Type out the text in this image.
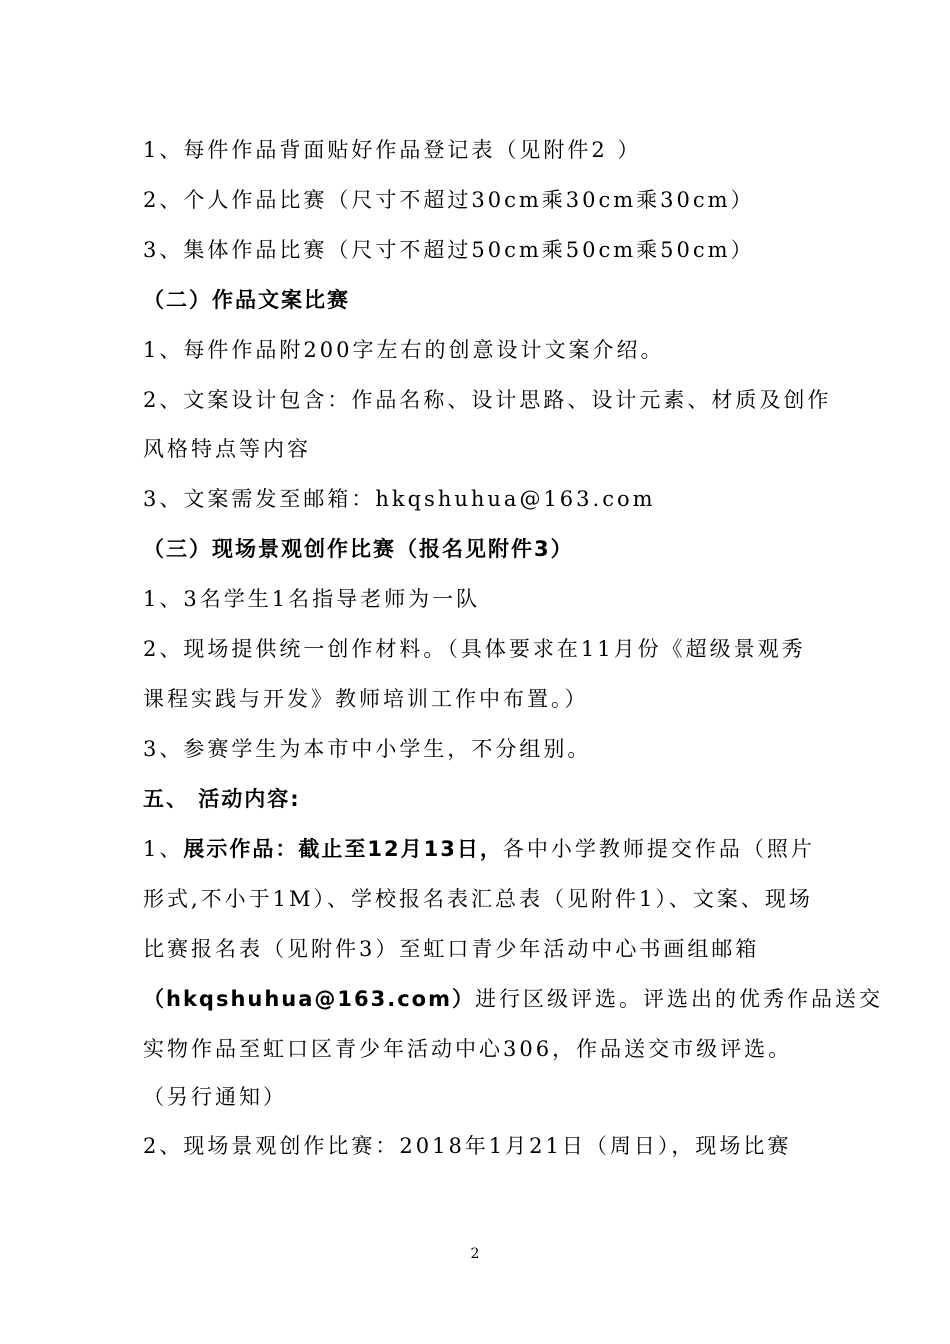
1、每件作品背面贴好作品登记表（见附件2 ）
2、个人作品比赛（尺寸不超过30cm乘30cm乘30cm）
3、集体作品比赛（尺寸不超过50cm乘50cm乘50cm）
（二）作品文案比赛
1、每件作品附200字左右的创意设计文案介绍。
2、文案设计包含：作品名称、设计思路、设计元素、材质及创作
风格特点等内容
3、文案需发至邮箱：hkqshuhua@163.com
（三）现场景观创作比赛（报名见附件3）
1、3名学生1名指导老师为一队
2、现场提供统一创作材料。（具体要求在11月份《超级景观秀
课程实践与开发》教师培训工作中布置。）
3、参赛学生为本市中小学生，不分组别。
五、 活动内容:
1、展示作品：截止至12月13日，各中小学教师提交作品（照片
形式,不小于1M）、学校报名表汇总表（见附件1）、文案、现场
比赛报名表（见附件3）至虹口青少年活动中心书画组邮箱
（hkqshuhua@163.com）进行区级评选。评选出的优秀作品送交
实物作品至虹口区青少年活动中心306，作品送交市级评选。
（另行通知）
2、现场景观创作比赛：2018年1月21日（周日），现场比赛
2
